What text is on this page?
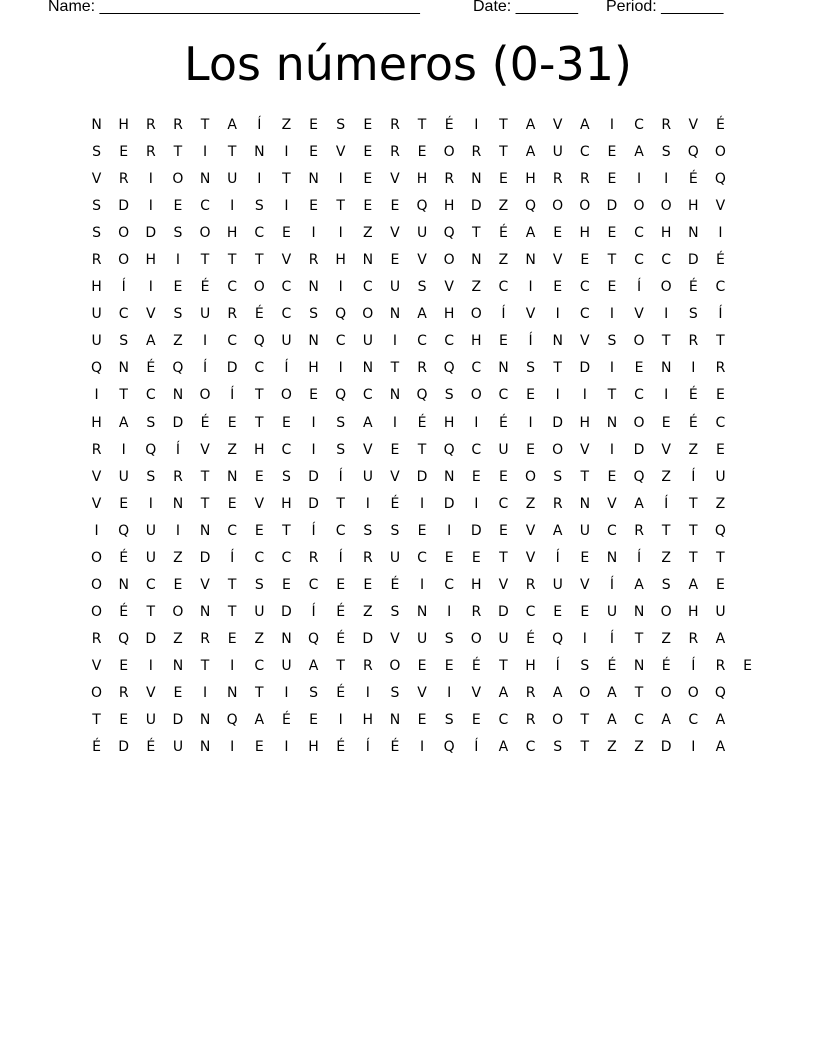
Name: ____________________________________	Date: _______ Period: _______
Los números (0-31)
N	H	R	R	T	A	Í	Z	E	S	E	R	T	É	I	T	A	V	A	I	C	R	V	É
S	E	R	T	I	T	N	I	E	V	E	R	E	O	R	T	A	U	C	E	A	S	Q	O
V	R	I	O	N	U	I	T	N	I	E	V	H	R	N	E	H	R	R	E	I	I	É	Q
S	D	I	E	C	I	S	I	E	T	E	E	Q	H	D	Z	Q	O	O	D	O	O	H	V
S	O	D	S	O	H	C	E	I	I	Z	V	U	Q	T	É	A	E	H	E	C	H	N	I
R	O	H	I	T	T	T	V	R	H	N	E	V	O	N	Z	N	V	E	T	C	C	D	É
H	Í	I	E	É	C	O	C	N	I	C	U	S	V	Z	C	I	E	C	E	Í	O	É	C
U	C	V	S	U	R	É	C	S	Q	O	N	A	H	O	Í	V	I	C	I	V	I	S	Í
U	S	A	Z	I	C	Q	U	N	C	U	I	C	C	H	E	Í	N	V	S	O	T	R	T
Q	N	É	Q	Í	D	C	Í	H	I	N	T	R	Q	C	N	S	T	D	I	E	N	I	R
I	T	C	N	O	Í	T	O	E	Q	C	N	Q	S	O	C	E	I	I	T	C	I	É	E
H	A	S	D	É	E	T	E	I	S	A	I	É	H	I	É	I	D	H	N	O	E	É	C
R	I	Q	Í	V	Z	H	C	I	S	V	E	T	Q	C	U	E	O	V	I	D	V	Z	E
V	U	S	R	T	N	E	S	D	Í	U	V	D	N	E	E	O	S	T	E	Q	Z	Í	U
V	E	I	N	T	E	V	H	D	T	I	É	I	D	I	C	Z	R	N	V	A	Í	T	Z
I	Q	U	I	N	C	E	T	Í	C	S	S	E	I	D	E	V	A	U	C	R	T	T	Q
O	É	U	Z	D	Í	C	C	R	Í	R	U	C	E	E	T	V	Í	E	N	Í	Z	T	T
O	N	C	E	V	T	S	E	C	E	E	É	I	C	H	V	R	U	V	Í	A	S	A	E
O	É	T	O	N	T	U	D	Í	É	Z	S	N	I	R	D	C	E	E	U	N	O	H	U
R	Q	D	Z	R	E	Z	N	Q	É	D	V	U	S	O	U	É	Q	I	Í	T	Z	R	A
V	E	I	N	T	I	C	U	A	T	R	O	E	E	É	T	H	Í	S	É	N	É	Í	R	E
O	R	V	E	I	N	T	I	S	É	I	S	V	I	V	A	R	A	O	A	T	O	O	Q
T	E	U	D	N	Q	A	É	E	I	H	N	E	S	E	C	R	O	T	A	C	A	C	A
É	D	É	U	N	I	E	I	H	É	Í	É	I	Q	Í	A	C	S	T	Z	Z	D	I	A
